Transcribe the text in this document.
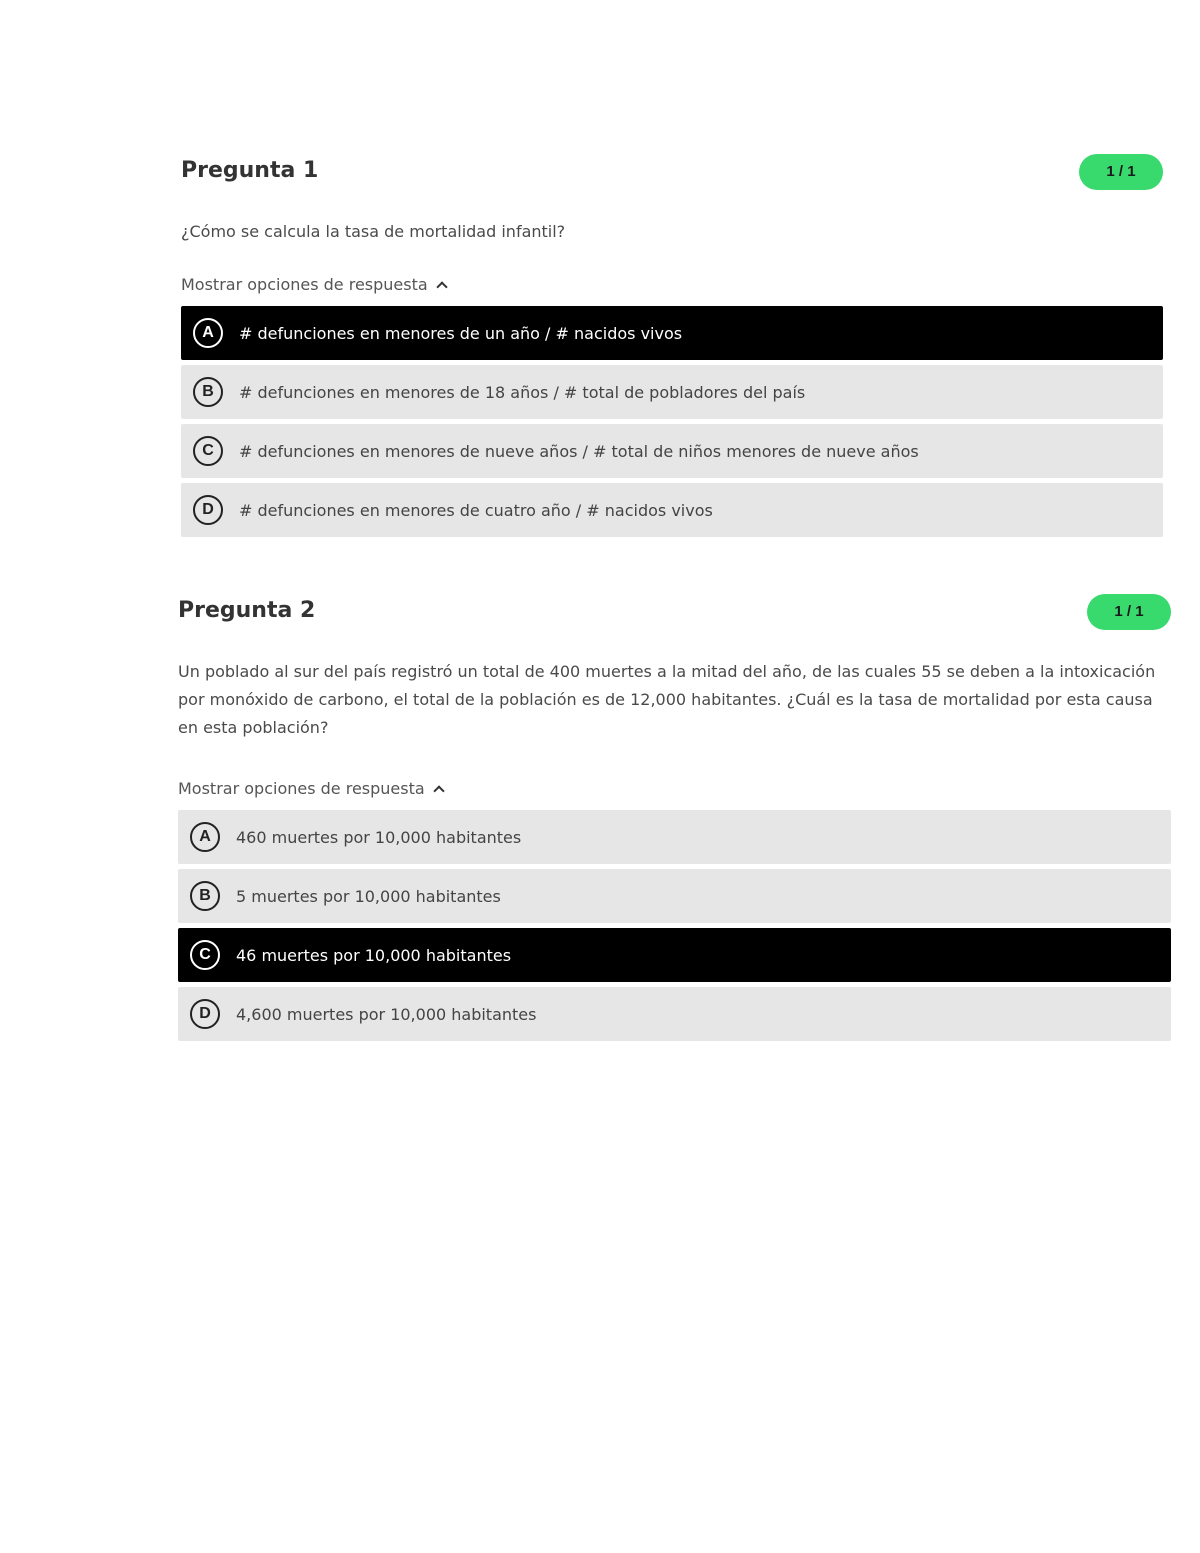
Pregunta 1	1 / 1
¿Cómo se calcula la tasa de mortalidad infantil?
Mostrar opciones de respuesta
A	# defunciones en menores de un año / # nacidos vivos
B	# defunciones en menores de 18 años / # total de pobladores del país
C	# defunciones en menores de nueve años / # total de niños menores de nueve años
D	# defunciones en menores de cuatro año / # nacidos vivos
Pregunta 2	1 / 1
Un poblado al sur del país registró un total de 400 muertes a la mitad del año, de las cuales 55 se deben a la intoxicación por monóxido de carbono, el total de la población es de 12,000 habitantes. ¿Cuál es la tasa de mortalidad por esta causa en esta población?
Mostrar opciones de respuesta
A	460 muertes por 10,000 habitantes
B	5 muertes por 10,000 habitantes
C	46 muertes por 10,000 habitantes
D	4,600 muertes por 10,000 habitantes
